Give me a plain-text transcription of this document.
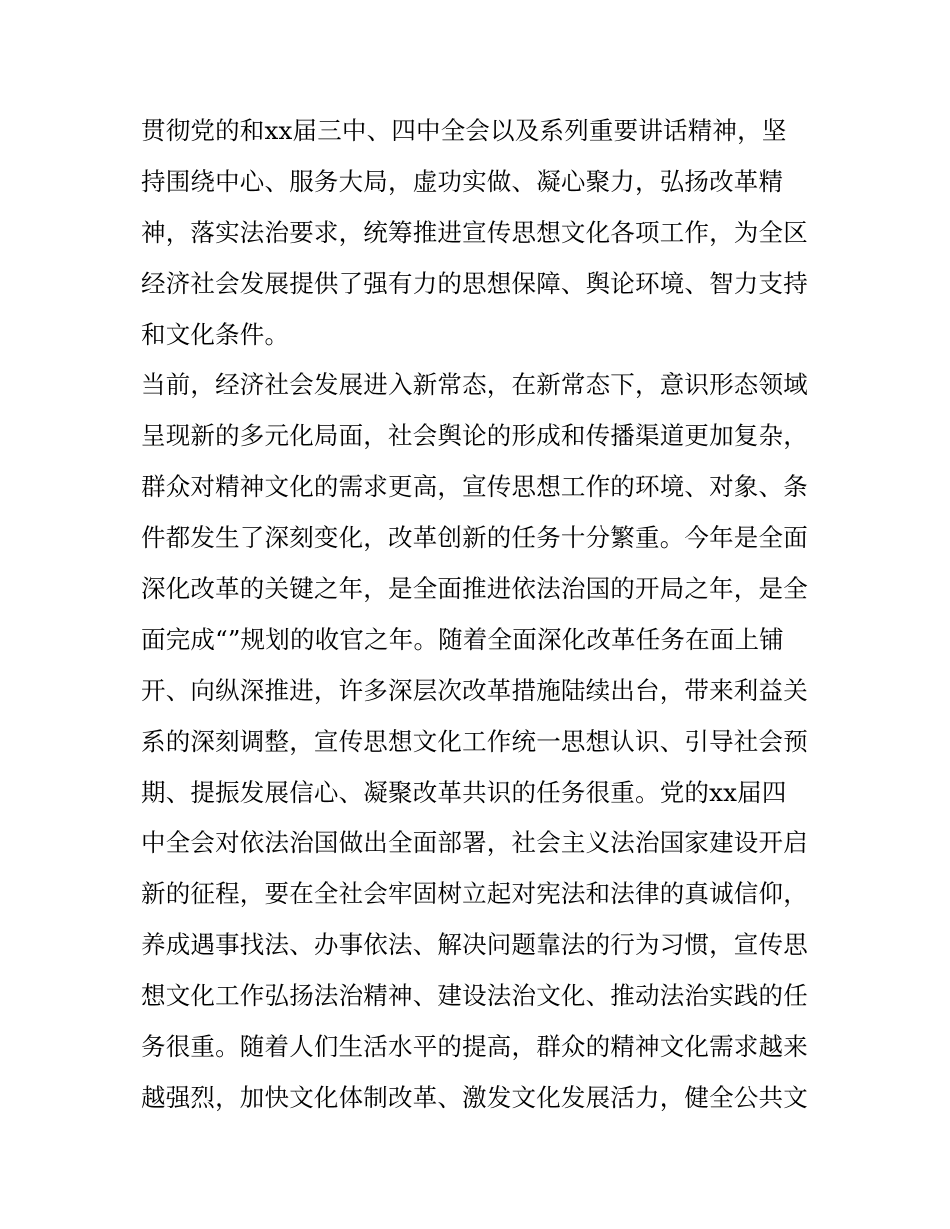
贯彻党的和xx届三中、四中全会以及系列重要讲话精神，坚
持围绕中心、服务大局，虚功实做、凝心聚力，弘扬改革精
神，落实法治要求，统筹推进宣传思想文化各项工作，为全区
经济社会发展提供了强有力的思想保障、舆论环境、智力支持
和文化条件。
当前，经济社会发展进入新常态，在新常态下，意识形态领域
呈现新的多元化局面，社会舆论的形成和传播渠道更加复杂，
群众对精神文化的需求更高，宣传思想工作的环境、对象、条
件都发生了深刻变化，改革创新的任务十分繁重。今年是全面
深化改革的关键之年，是全面推进依法治国的开局之年，是全
面完成“”规划的收官之年。随着全面深化改革任务在面上铺
开、向纵深推进，许多深层次改革措施陆续出台，带来利益关
系的深刻调整，宣传思想文化工作统一思想认识、引导社会预
期、提振发展信心、凝聚改革共识的任务很重。党的xx届四
中全会对依法治国做出全面部署，社会主义法治国家建设开启
新的征程，要在全社会牢固树立起对宪法和法律的真诚信仰，
养成遇事找法、办事依法、解决问题靠法的行为习惯，宣传思
想文化工作弘扬法治精神、建设法治文化、推动法治实践的任
务很重。随着人们生活水平的提高，群众的精神文化需求越来
越强烈，加快文化体制改革、激发文化发展活力，健全公共文
